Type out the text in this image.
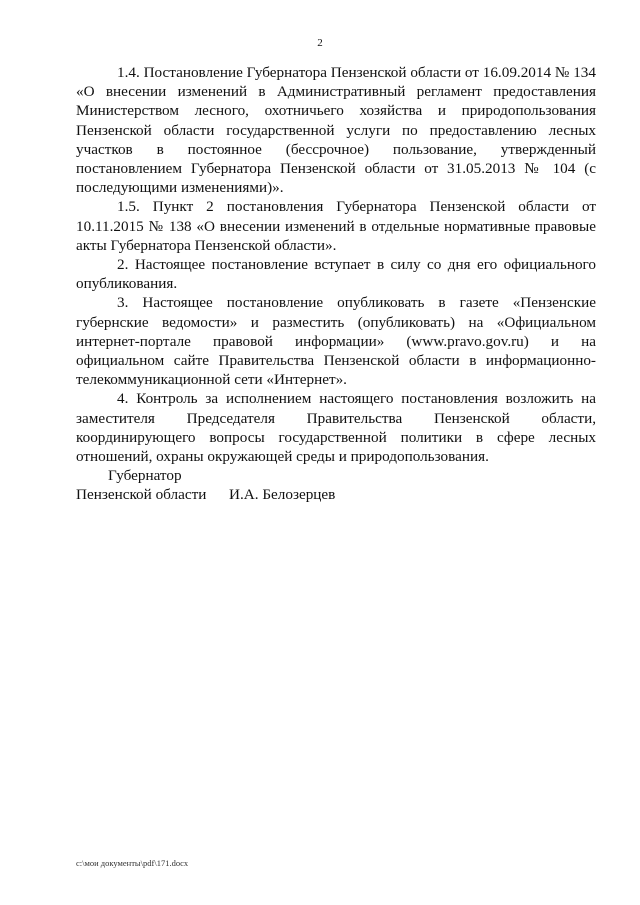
2

1.4. Постановление Губернатора Пензенской области от 16.09.2014 № 134 «О внесении изменений в Административный регламент предоставления Министерством лесного, охотничьего хозяйства и природопользования Пензенской области государственной услуги по предоставлению лесных участков в постоянное (бессрочное) пользование, утвержденный постановлением Губернатора Пензенской области от 31.05.2013 № 104 (с последующими изменениями)».

1.5. Пункт 2 постановления Губернатора Пензенской области от 10.11.2015 № 138 «О внесении изменений в отдельные нормативные правовые акты Губернатора Пензенской области».

2. Настоящее постановление вступает в силу со дня его официального опубликования.

3. Настоящее постановление опубликовать в газете «Пензенские губернские ведомости» и разместить (опубликовать) на «Официальном интернет-портале правовой информации» (www.pravo.gov.ru) и на официальном сайте Правительства Пензенской области в информационно-телекоммуникационной сети «Интернет».

4. Контроль за исполнением настоящего постановления возложить на заместителя Председателя Правительства Пензенской области, координирующего вопросы государственной политики в сфере лесных отношений, охраны окружающей среды и природопользования.

Губернатор
Пензенской области	И.А. Белозерцев
c:\мои документы\pdf\171.docx
